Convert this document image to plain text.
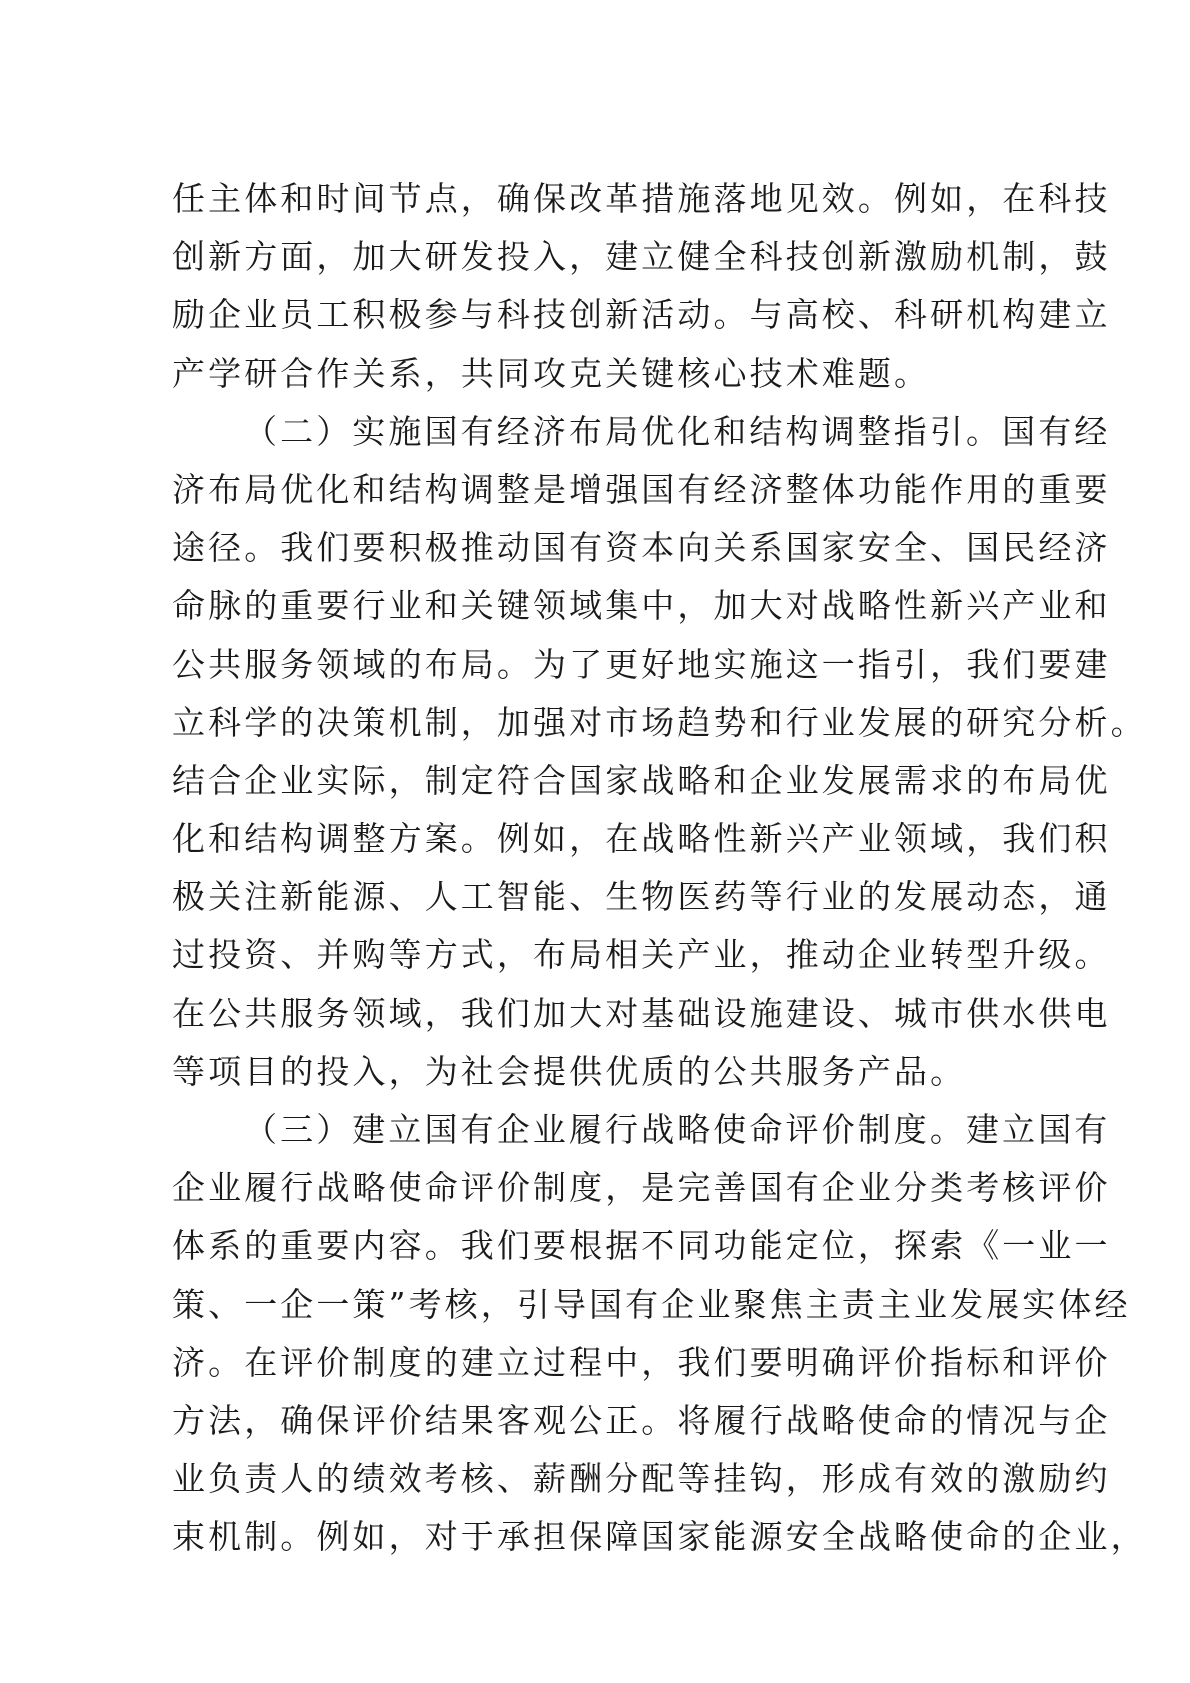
任主体和时间节点，确保改革措施落地见效。例如，在科技
创新方面，加大研发投入，建立健全科技创新激励机制，鼓
励企业员工积极参与科技创新活动。与高校、科研机构建立
产学研合作关系，共同攻克关键核心技术难题。
（二）实施国有经济布局优化和结构调整指引。国有经
济布局优化和结构调整是增强国有经济整体功能作用的重要
途径。我们要积极推动国有资本向关系国家安全、国民经济
命脉的重要行业和关键领域集中，加大对战略性新兴产业和
公共服务领域的布局。为了更好地实施这一指引，我们要建
立科学的决策机制，加强对市场趋势和行业发展的研究分析。
结合企业实际，制定符合国家战略和企业发展需求的布局优
化和结构调整方案。例如，在战略性新兴产业领域，我们积
极关注新能源、人工智能、生物医药等行业的发展动态，通
过投资、并购等方式，布局相关产业，推动企业转型升级。
在公共服务领域，我们加大对基础设施建设、城市供水供电
等项目的投入，为社会提供优质的公共服务产品。
（三）建立国有企业履行战略使命评价制度。建立国有
企业履行战略使命评价制度，是完善国有企业分类考核评价
体系的重要内容。我们要根据不同功能定位，探索《一业一
策、一企一策”考核，引导国有企业聚焦主责主业发展实体经
济。在评价制度的建立过程中，我们要明确评价指标和评价
方法，确保评价结果客观公正。将履行战略使命的情况与企
业负责人的绩效考核、薪酬分配等挂钩，形成有效的激励约
束机制。例如，对于承担保障国家能源安全战略使命的企业，
